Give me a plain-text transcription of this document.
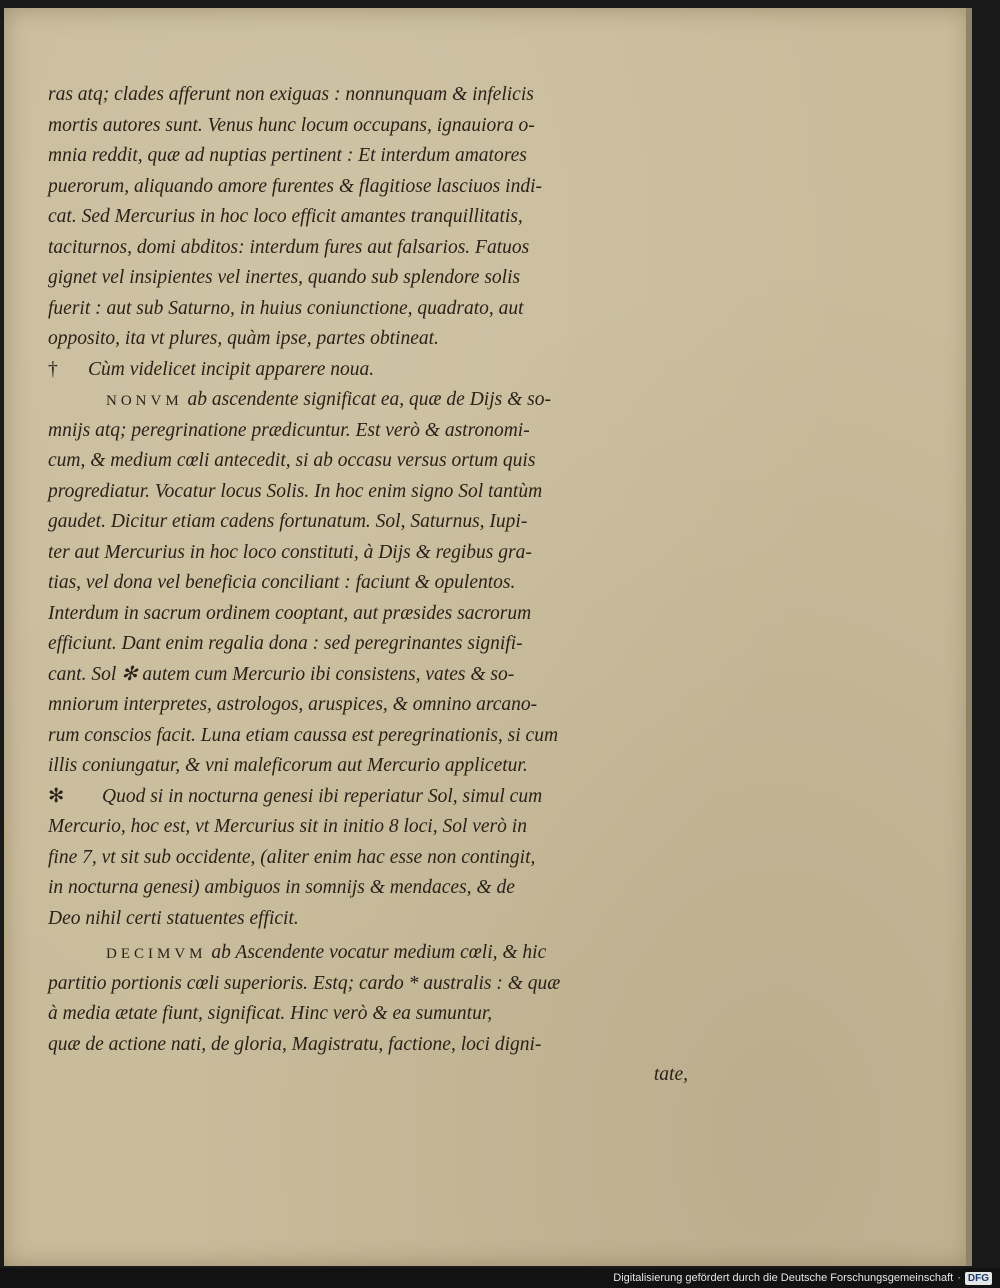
ras atq; clades afferunt non exiguas : nonnunquam & infelicis
mortis autores sunt. Venus hunc locum occupans, ignauiora o-
mnia reddit, quæ ad nuptias pertinent : Et interdum amatores
puerorum, aliquando amore furentes & flagitiose lasciuos indi-
cat. Sed Mercurius in hoc loco efficit amantes tranquillitatis,
taciturnos, domi abditos: interdum fures aut falsarios. Fatuos
gignet vel insipientes vel inertes, quando sub splendore solis
fuerit : aut sub Saturno, in huius coniunctione, quadrato, aut
opposito, ita vt plures, quàm ipse, partes obtineat.
† Cùm videlicet incipit apparere noua.
NONVM ab ascendente significat ea, quæ de Dijs & so-
mnijs atq; peregrinatione prædicuntur. Est verò & astronomi-
cum, & medium cœli antecedit, si ab occasu versus ortum quis
progrediatur. Vocatur locus Solis. In hoc enim signo Sol tantùm
gaudet. Dicitur etiam cadens fortunatum. Sol, Saturnus, Iupi-
ter aut Mercurius in hoc loco constituti, à Dijs & regibus gra-
tias, vel dona vel beneficia conciliant : faciunt & opulentos.
Interdum in sacrum ordinem cooptant, aut præsides sacrorum
efficiunt. Dant enim regalia dona : sed peregrinantes signifi-
cant. Sol ✻ autem cum Mercurio ibi consistens, vates & so-
mniorum interpretes, astrologos, aruspices, & omnino arcano-
rum conscios facit. Luna etiam caussa est peregrinationis, si cum
illis coniungatur, & vni maleficorum aut Mercurio applicetur.
✻ Quod si in nocturna genesi ibi reperiatur Sol, simul cum
Mercurio, hoc est, vt Mercurius sit in initio 8 loci, Sol verò in
fine 7, vt sit sub occidente, (aliter enim hac esse non contingit,
in nocturna genesi) ambiguos in somnijs & mendaces, & de
Deo nihil certi statuentes efficit.
DECIMVM ab Ascendente vocatur medium cœli, & hic
partitio portionis cœli superioris. Estq; cardo * australis : & quæ
à media ætate fiunt, significat. Hinc verò & ea sumuntur,
quæ de actione nati, de gloria, Magistratu, factione, loci digni-
tate,
Digitalisierung gefördert durch die Deutsche Forschungsgemeinschaft · DFG
